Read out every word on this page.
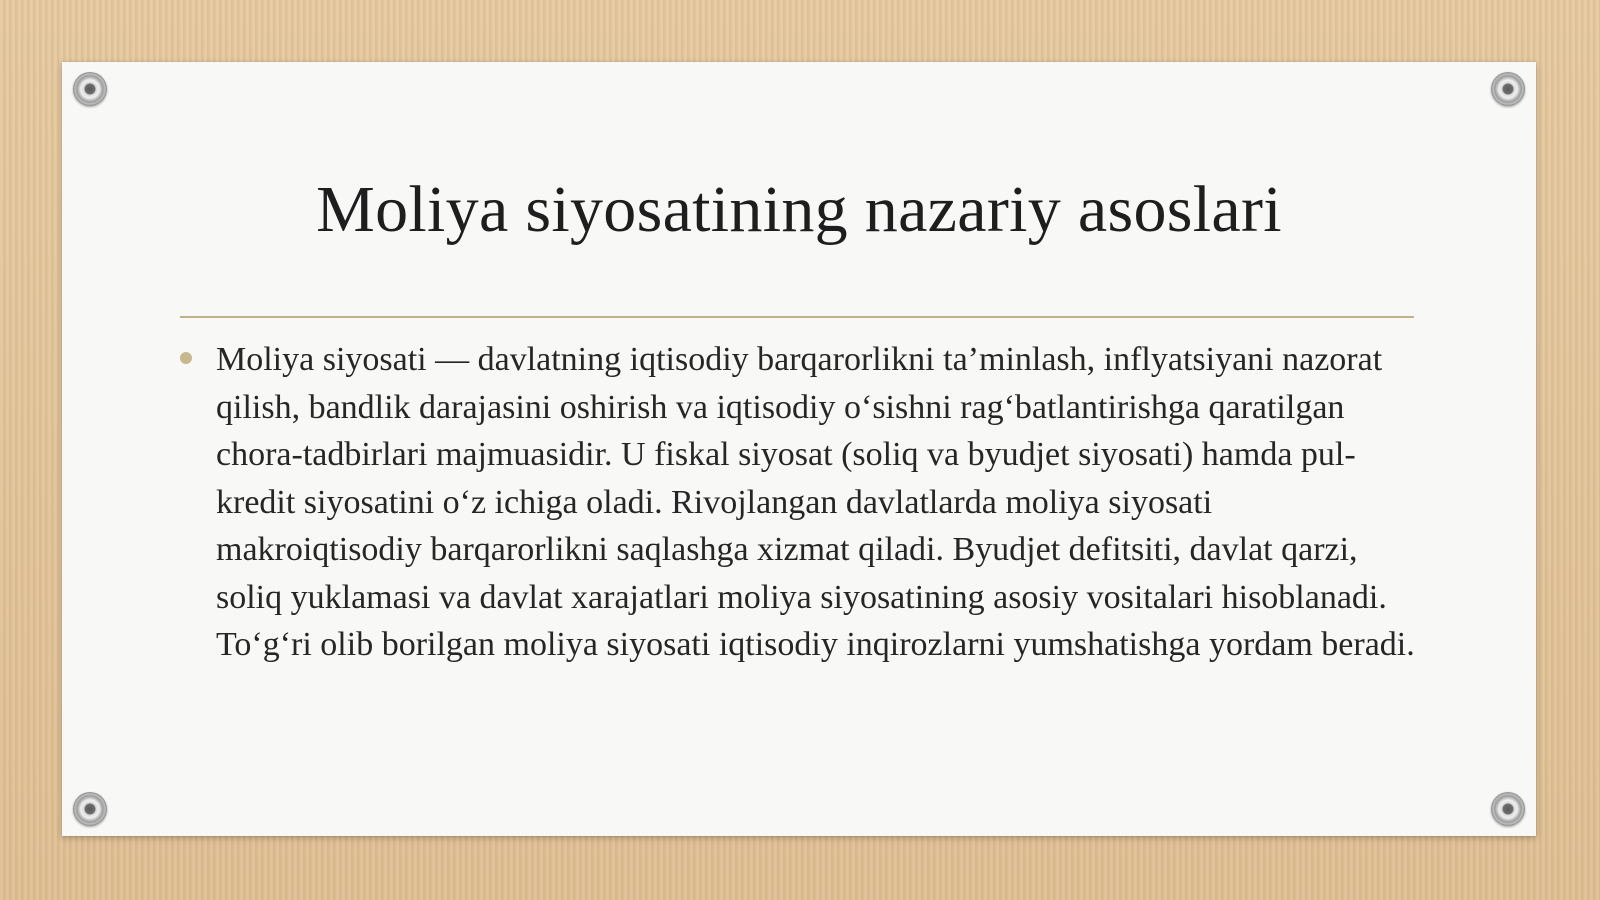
Moliya siyosatining nazariy asoslari

Moliya siyosati — davlatning iqtisodiy barqarorlikni ta’minlash, inflyatsiyani nazorat qilish, bandlik darajasini oshirish va iqtisodiy o‘sishni rag‘batlantirishga qaratilgan chora-tadbirlari majmuasidir. U fiskal siyosat (soliq va byudjet siyosati) hamda pul-kredit siyosatini o‘z ichiga oladi. Rivojlangan davlatlarda moliya siyosati makroiqtisodiy barqarorlikni saqlashga xizmat qiladi. Byudjet defitsiti, davlat qarzi, soliq yuklamasi va davlat xarajatlari moliya siyosatining asosiy vositalari hisoblanadi. To‘g‘ri olib borilgan moliya siyosati iqtisodiy inqirozlarni yumshatishga yordam beradi.
